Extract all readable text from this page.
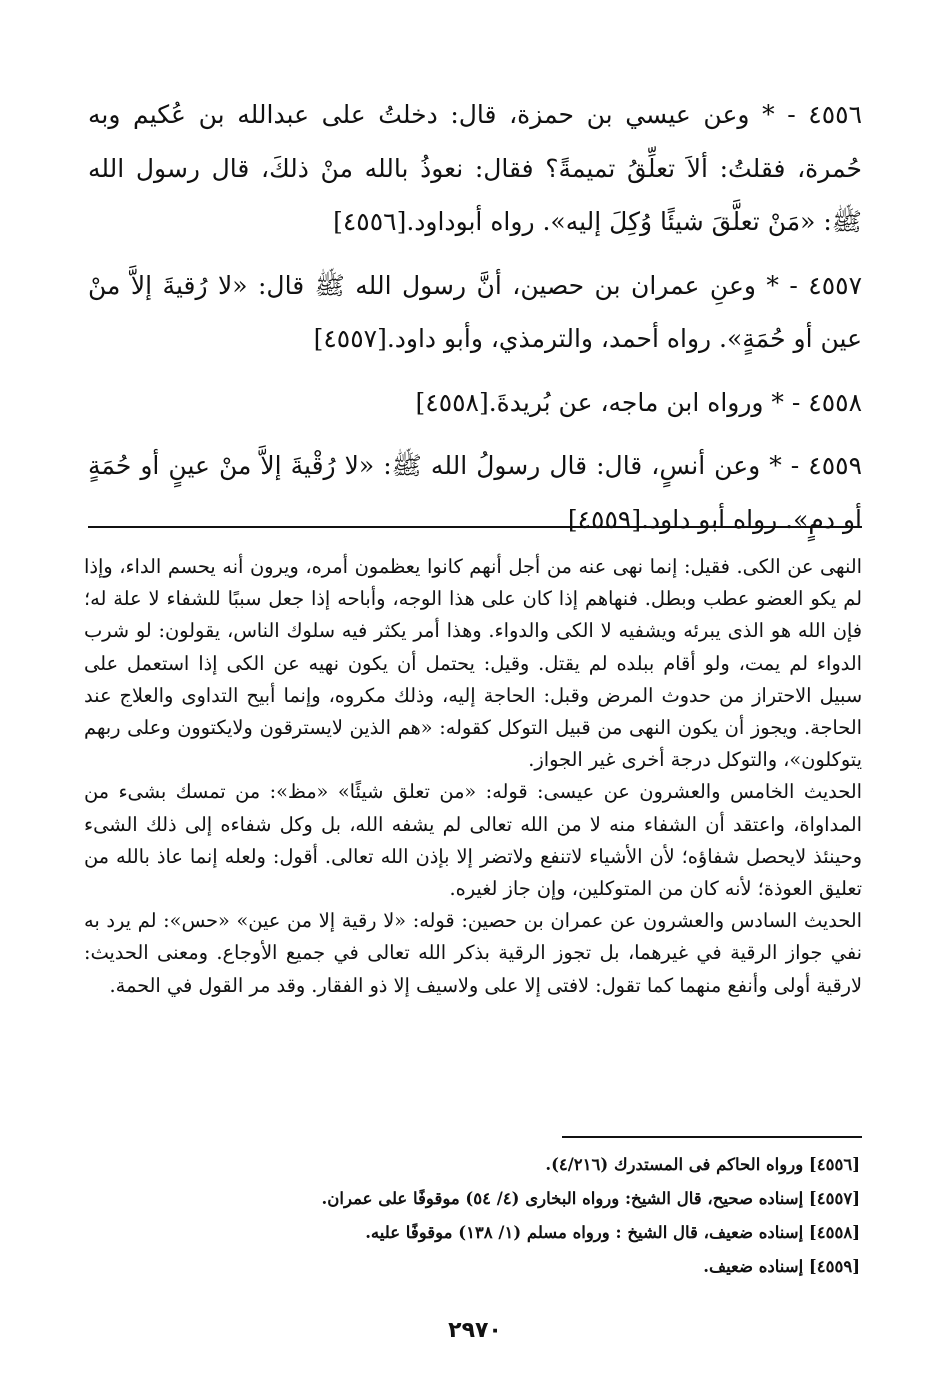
٤٥٥٦ - * وعن عيسي بن حمزة، قال: دخلتُ على عبدالله بن عُكيم وبه حُمرة، فقلتُ: ألاَ تعلِّقُ تميمةً؟ فقال: نعوذُ بالله منْ ذلكَ، قال رسول الله ﷺ: «مَنْ تعلَّقَ شيئًا وُكِلَ إليه». رواه أبوداود.[٤٥٥٦]

٤٥٥٧ - * وعنِ عمران بن حصين، أنَّ رسول الله ﷺ قال: «لا رُقيةَ إلاَّ منْ عين أو حُمَةٍ». رواه أحمد، والترمذي، وأبو داود.[٤٥٥٧]

٤٥٥٨ - * ورواه ابن ماجه، عن بُريدةَ.[٤٥٥٨]

٤٥٥٩ - * وعن أنسٍ، قال: قال رسولُ الله ﷺ: «لا رُقْيةَ إلاَّ منْ عينٍ أو حُمَةٍ أو دمٍ». رواه أبو داود.[٤٥٥٩]

النهى عن الكى. فقيل: إنما نهى عنه من أجل أنهم كانوا يعظمون أمره، ويرون أنه يحسم الداء، وإذا لم يكو العضو عطب وبطل. فنهاهم إذا كان على هذا الوجه، وأباحه إذا جعل سببًا للشفاء لا علة له؛ فإن الله هو الذى يبرئه ويشفيه لا الكى والدواء. وهذا أمر يكثر فيه سلوك الناس، يقولون: لو شرب الدواء لم يمت، ولو أقام ببلده لم يقتل. وقيل: يحتمل أن يكون نهيه عن الكى إذا استعمل على سبيل الاحتراز من حدوث المرض وقبل: الحاجة إليه، وذلك مكروه، وإنما أبيح التداوى والعلاج عند الحاجة. ويجوز أن يكون النهى من قبيل التوكل كقوله: «هم الذين لايسترقون ولايكتوون وعلى ربهم يتوكلون»، والتوكل درجة أخرى غير الجواز.

الحديث الخامس والعشرون عن عيسى: قوله: «من تعلق شيئًا» «مظ»: من تمسك بشىء من المداواة، واعتقد أن الشفاء منه لا من الله تعالى لم يشفه الله، بل وكل شفاءه إلى ذلك الشىء وحينئذ لايحصل شفاؤه؛ لأن الأشياء لاتنفع ولاتضر إلا بإذن الله تعالى. أقول: ولعله إنما عاذ بالله من تعليق العوذة؛ لأنه كان من المتوكلين، وإن جاز لغيره.

الحديث السادس والعشرون عن عمران بن حصين: قوله: «لا رقية إلا من عين» «حس»: لم يرد به نفي جواز الرقية في غيرهما، بل تجوز الرقية بذكر الله تعالى في جميع الأوجاع. ومعنى الحديث: لارقية أولى وأنفع منهما كما تقول: لافتى إلا على ولاسيف إلا ذو الفقار. وقد مر القول في الحمة.

[٤٥٥٦] ورواه الحاكم فى المستدرك (٤/٢١٦).

[٤٥٥٧] إسناده صحيح، قال الشيخ: ورواه البخارى (٤/ ٥٤) موقوفًا على عمران.

[٤٥٥٨] إسناده ضعيف، قال الشيخ : ورواه مسلم (١/ ١٣٨) موقوفًا عليه.

[٤٥٥٩] إسناده ضعيف.

٢٩٧٠
